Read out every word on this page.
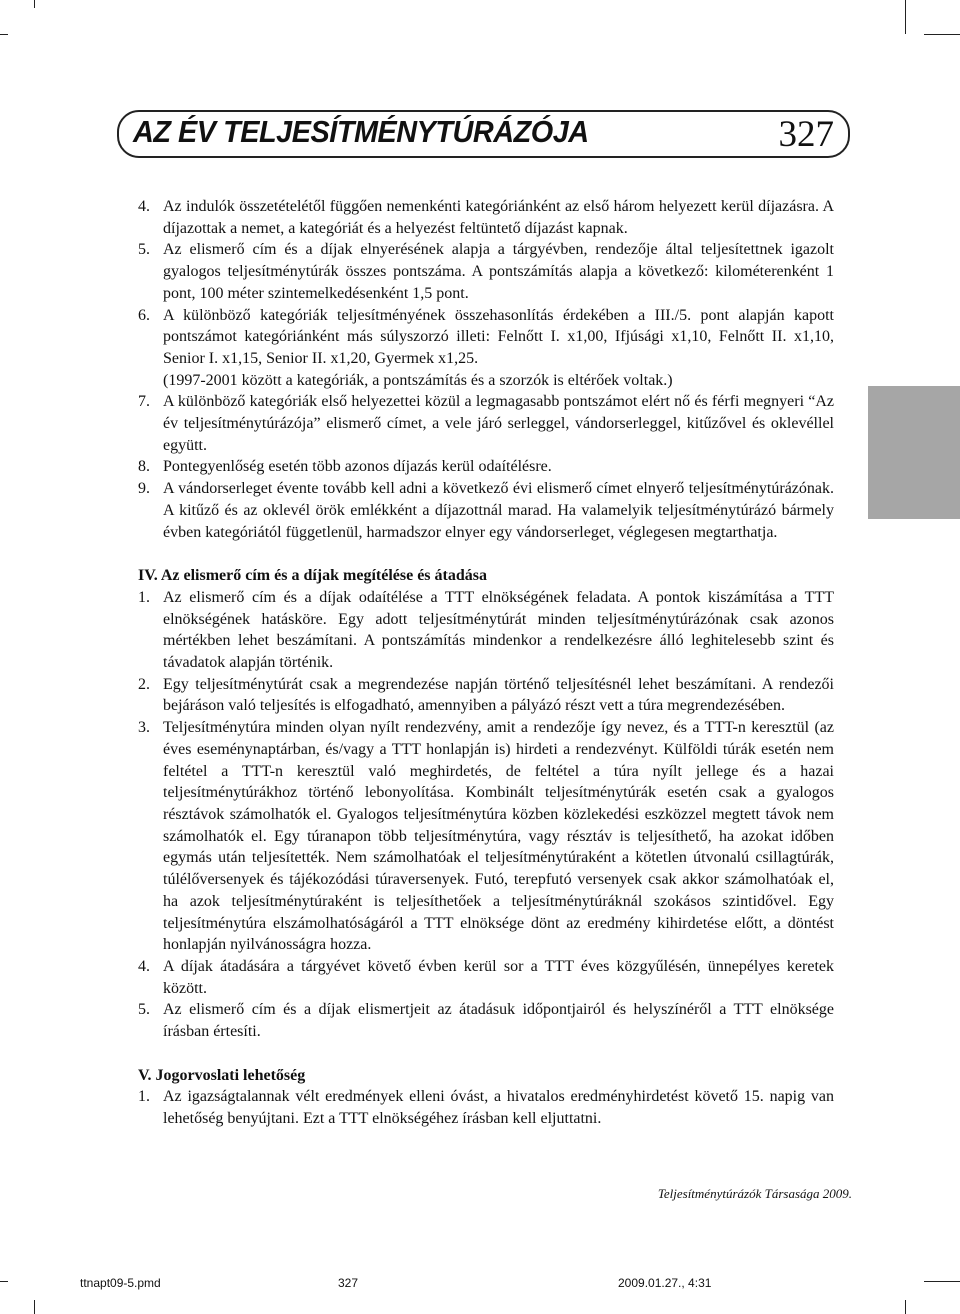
AZ ÉV TELJESÍTMÉNYTÚRÁZÓJA	327
4. Az indulók összetételétől függően nemenkénti kategóriánként az első három helyezett kerül díjazásra. A díjazottak a nemet, a kategóriát és a helyezést feltüntető díjazást kapnak.
5. Az elismerő cím és a díjak elnyerésének alapja a tárgyévben, rendezője által teljesítettnek igazolt gyalogos teljesítménytúrák összes pontszáma. A pontszámítás alapja a következő: kilométerenként 1 pont, 100 méter szintemelkedésenként 1,5 pont.
6. A különböző kategóriák teljesítményének összehasonlítás érdekében a III./5. pont alapján kapott pontszámot kategóriánként más súlyszorzó illeti: Felnőtt I. x1,00, Ifjúsági x1,10, Felnőtt II. x1,10, Senior I. x1,15, Senior II. x1,20, Gyermek x1,25.
(1997-2001 között a kategóriák, a pontszámítás és a szorzók is eltérőek voltak.)
7. A különböző kategóriák első helyezettei közül a legmagasabb pontszámot elért nő és férfi megnyeri “Az év teljesítménytúrázója” elismerő címet, a vele járó serleggel, vándorserleggel, kitűzővel és oklevéllel együtt.
8. Pontegyenlőség esetén több azonos díjazás kerül odaítélésre.
9. A vándorserleget évente tovább kell adni a következő évi elismerő címet elnyerő teljesítménytúrázónak. A kitűző és az oklevél örök emlékként a díjazottnál marad. Ha valamelyik teljesítménytúrázó bármely évben kategóriától függetlenül, harmadszor elnyer egy vándorserleget, véglegesen megtarthatja.
IV. Az elismerő cím és a díjak megítélése és átadása
1. Az elismerő cím és a díjak odaítélése a TTT elnökségének feladata. A pontok kiszámítása a TTT elnökségének hatásköre. Egy adott teljesítménytúrát minden teljesítménytúrázónak csak azonos mértékben lehet beszámítani. A pontszámítás mindenkor a rendelkezésre álló leghitelesebb szint és távadatok alapján történik.
2. Egy teljesítménytúrát csak a megrendezése napján történő teljesítésnél lehet beszámítani. A rendezői bejáráson való teljesítés is elfogadható, amennyiben a pályázó részt vett a túra megrendezésében.
3. Teljesítménytúra minden olyan nyílt rendezvény, amit a rendezője így nevez, és a TTT-n keresztül (az éves eseménynaptárban, és/vagy a TTT honlapján is) hirdeti a rendezvényt. Külföldi túrák esetén nem feltétel a TTT-n keresztül való meghirdetés, de feltétel a túra nyílt jellege és a hazai teljesítménytúrákhoz történő lebonyolítása. Kombinált teljesítménytúrák esetén csak a gyalogos résztávok számolhatók el. Gyalogos teljesítménytúra közben közlekedési eszközzel megtett távok nem számolhatók el. Egy túranapon több teljesítménytúra, vagy résztáv is teljesíthető, ha azokat időben egymás után teljesítették. Nem számolhatóak el teljesítménytúraként a kötetlen útvonalú csillagtúrák, túlélőversenyek és tájékozódási túraversenyek. Futó, terepfutó versenyek csak akkor számolhatóak el, ha azok teljesítménytúraként is teljesíthetőek a teljesítménytúráknál szokásos szintidővel. Egy teljesítménytúra elszámolhatóságáról a TTT elnöksége dönt az eredmény kihirdetése előtt, a döntést honlapján nyilvánosságra hozza.
4. A díjak átadására a tárgyévet követő évben kerül sor a TTT éves közgyűlésén, ünnepélyes keretek között.
5. Az elismerő cím és a díjak elismertjeit az átadásuk időpontjairól és helyszínéről a TTT elnöksége írásban értesíti.
V. Jogorvoslati lehetőség
1. Az igazságtalannak vélt eredmények elleni óvást, a hivatalos eredményhirdetést követő 15. napig van lehetőség benyújtani. Ezt a TTT elnökségéhez írásban kell eljuttatni.
Teljesítménytúrázók Társasága 2009.
ttnapt09-5.pmd	327	2009.01.27., 4:31
